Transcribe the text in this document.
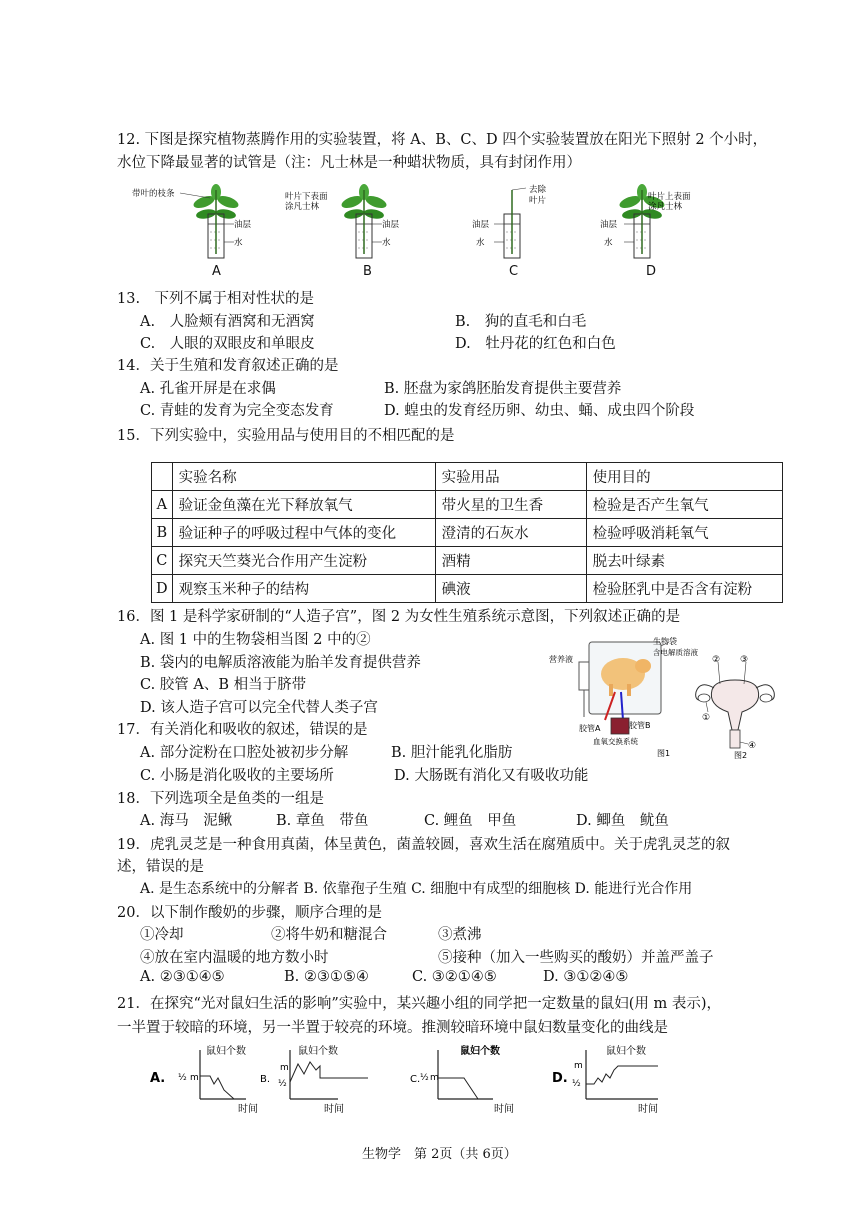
12. 下图是探究植物蒸腾作用的实验装置，将 A、B、C、D 四个实验装置放在阳光下照射 2 个小时，
水位下降最显著的试管是（注：凡士林是一种蜡状物质，具有封闭作用）
带叶的枝条
油层
水
叶片下表面
涂凡士林
油层
水
去除
叶片
油层
水
叶片上表面
涂凡士林
油层
水
A	B	C	D
13.　下列不属于相对性状的是
A.　人脸颊有酒窝和无酒窝	B.　狗的直毛和白毛
C.　人眼的双眼皮和单眼皮	D.　牡丹花的红色和白色
14．关于生殖和发育叙述正确的是
A. 孔雀开屏是在求偶	B. 胚盘为家鸽胚胎发育提供主要营养
C. 青蛙的发育为完全变态发育	D. 蝗虫的发育经历卵、幼虫、蛹、成虫四个阶段
15．下列实验中，实验用品与使用目的不相匹配的是
	实验名称	实验用品	使用目的
A	验证金鱼藻在光下释放氧气	带火星的卫生香	检验是否产生氧气
B	验证种子的呼吸过程中气体的变化	澄清的石灰水	检验呼吸消耗氧气
C	探究天竺葵光合作用产生淀粉	酒精	脱去叶绿素
D	观察玉米种子的结构	碘液	检验胚乳中是否含有淀粉
16．图 1 是科学家研制的“人造子宫”，图 2 为女性生殖系统示意图，下列叙述正确的是
A. 图 1 中的生物袋相当图 2 中的②
B. 袋内的电解质溶液能为胎羊发育提供营养
C. 胶管 A、B 相当于脐带
D. 该人造子宫可以完全代替人类子宫
营养液
生物袋
含电解质溶液
胶管A	胶管B
血氧交换系统
图1
② ③
①
④
图2
17．有关消化和吸收的叙述，错误的是
A. 部分淀粉在口腔处被初步分解	B. 胆汁能乳化脂肪
C. 小肠是消化吸收的主要场所	D. 大肠既有消化又有吸收功能
18．下列选项全是鱼类的一组是
A. 海马　泥鳅	B. 章鱼　带鱼	C. 鲤鱼　甲鱼	D. 鲫鱼　鱿鱼
19．虎乳灵芝是一种食用真菌，体呈黄色，菌盖较圆，喜欢生活在腐殖质中。关于虎乳灵芝的叙
述，错误的是
A. 是生态系统中的分解者 B. 依靠孢子生殖 C. 细胞中有成型的细胞核 D. 能进行光合作用
20．以下制作酸奶的步骤，顺序合理的是
①冷却	②将牛奶和糖混合	③煮沸
④放在室内温暖的地方数小时	⑤接种（加入一些购买的酸奶）并盖严盖子
A. ②③①④⑤	B. ②③①⑤④	C. ③②①④⑤	D. ③①②④⑤
21．在探究“光对鼠妇生活的影响”实验中，某兴趣小组的同学把一定数量的鼠妇(用 m 表示)，
一半置于较暗的环境，另一半置于较亮的环境。推测较暗环境中鼠妇数量变化的曲线是
A. ½ m
鼠妇个数
时间
B.
m
½
鼠妇个数
时间
C. ½ m
鼠妇个数
时间
D.
m
½
鼠妇个数
时间
生物学　第 2页（共 6页）
